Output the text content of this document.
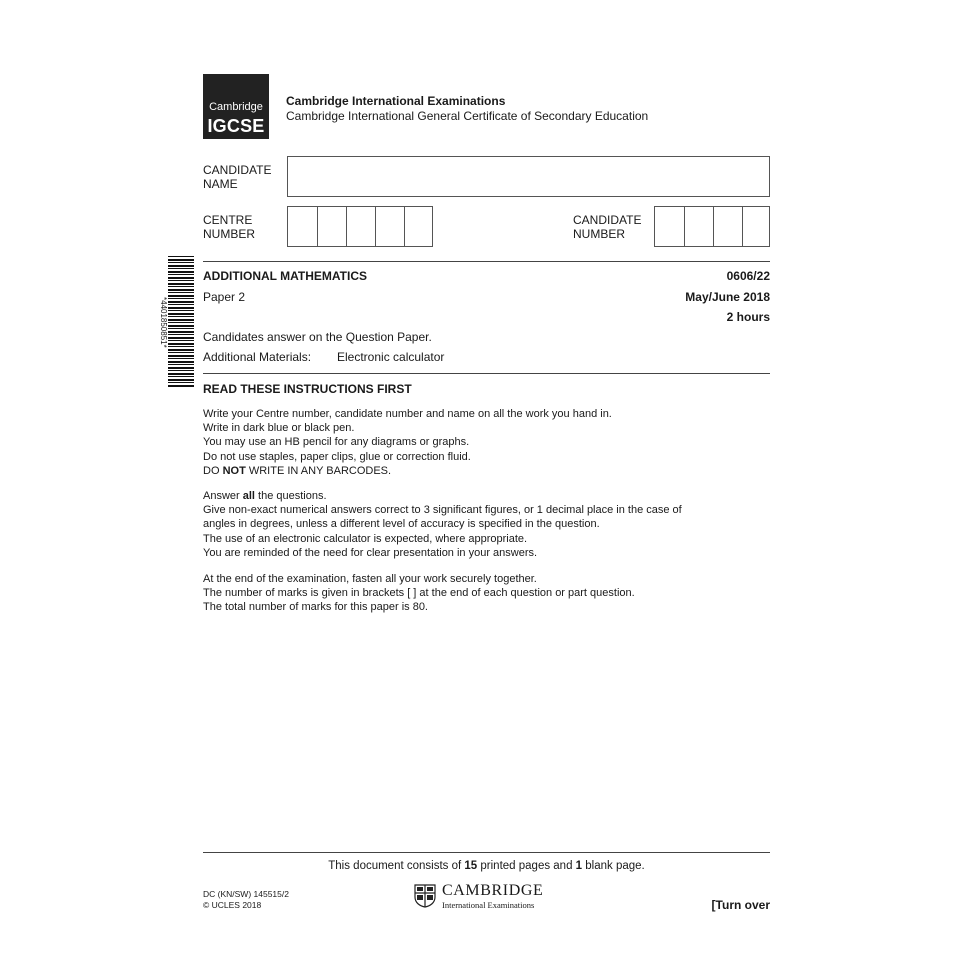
Cambridge
IGCSE
Cambridge International Examinations
Cambridge International General Certificate of Secondary Education
CANDIDATE
NAME
CENTRE
NUMBER
CANDIDATE
NUMBER
*4401850851*
ADDITIONAL MATHEMATICS	0606/22
Paper 2	May/June 2018
2 hours
Candidates answer on the Question Paper.
Additional Materials: Electronic calculator
READ THESE INSTRUCTIONS FIRST

Write your Centre number, candidate number and name on all the work you hand in.

Write in dark blue or black pen.

You may use an HB pencil for any diagrams or graphs.

Do not use staples, paper clips, glue or correction fluid.

DO NOT WRITE IN ANY BARCODES.

Answer all the questions.

Give non-exact numerical answers correct to 3 significant figures, or 1 decimal place in the case of

angles in degrees, unless a different level of accuracy is specified in the question.

The use of an electronic calculator is expected, where appropriate.

You are reminded of the need for clear presentation in your answers.

At the end of the examination, fasten all your work securely together.

The number of marks is given in brackets [ ] at the end of each question or part question.

The total number of marks for this paper is 80.

This document consists of 15 printed pages and 1 blank page.
DC (KN/SW) 145515/2
© UCLES 2018
CAMBRIDGE
International Examinations	[Turn over
